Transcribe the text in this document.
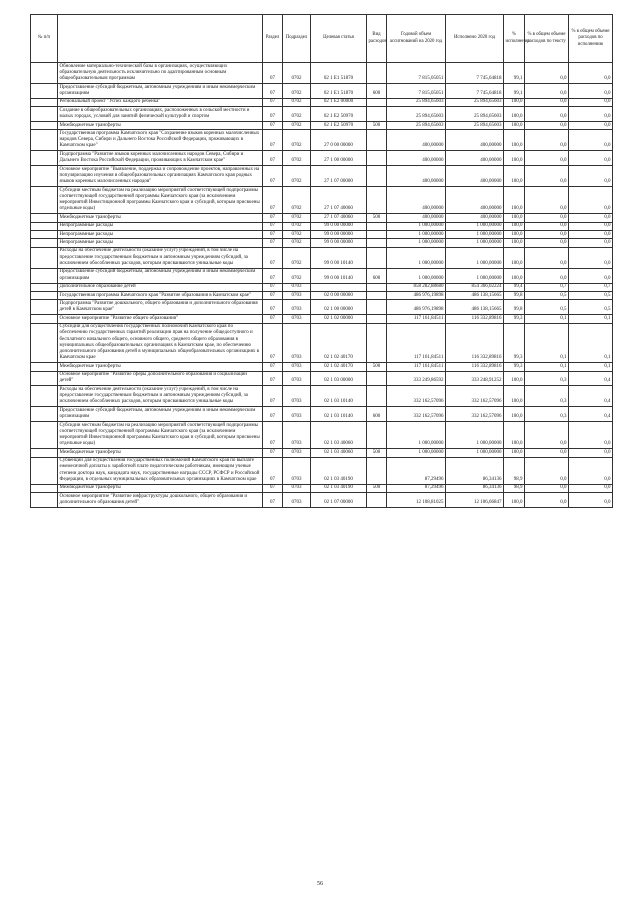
№ п/п		Раздел	Подраздел	Целевая статья	Вид расходов	Годовой объем ассигнований на 2020 год	Исполнено 2020 год	% исполнения	% в общем объеме расходов по тексту	% в общем объеме расходов по исполнению
	Обновление материально-технической базы в организациях, осуществляющих образовательную деятельность исключительно по адаптированным основным общеобразовательным программам	07	0702	02 1 Е1 51870		7 815,05051	7 745,64818	99,1	0,0	0,0
	Предоставление субсидий бюджетным, автономным учреждениям и иным некоммерческим организациям	07	0702	02 1 Е1 51870	600	7 815,05051	7 745,64818	99,1	0,0	0,0
	Региональный проект "Успех каждого ребенка"	07	0702	02 1 Е2 00000		25 894,65603	25 894,65603	100,0	0,0	0,0
	Создание в общеобразовательных организациях, расположенных в сельской местности и малых городах, условий для занятий физической культурой и спортом	07	0702	02 1 Е2 50970		25 894,65603	25 894,65603	100,0	0,0	0,0
	Межбюджетные трансферты	07	0702	02 1 Е2 50970	500	25 894,65603	25 894,65603	100,0	0,0	0,0
	Государственная программа Камчатского края "Сохранение языков коренных малочисленных народов Севера, Сибири и Дальнего Востока Российской Федерации, проживающих в Камчатском крае"	07	0702	27 0 00 00000		400,00000	400,00000	100,0	0,0	0,0
	Подпрограмма "Развитие языков коренных малочисленных народов Севера, Сибири и Дальнего Востока Российской Федерации, проживающих в Камчатском крае"	07	0702	27 1 00 00000		400,00000	400,00000	100,0	0,0	0,0
	Основное мероприятие "Выявление, поддержка и сопровождение проектов, направленных на популяризацию изучения в общеобразовательных организациях Камчатского края родных языков коренных малочисленных народов"	07	0702	27 1 07 00000		400,00000	400,00000	100,0	0,0	0,0
	Субсидии местным бюджетам на реализацию мероприятий соответствующей подпрограммы соответствующей государственной программы Камчатского края (за исключением мероприятий Инвестиционной программы Камчатского края и субсидий, которым присвоены отдельные коды)	07	0702	27 1 07 40060		400,00000	400,00000	100,0	0,0	0,0
	Межбюджетные трансферты	07	0702	27 1 07 40060	500	400,00000	400,00000	100,0	0,0	0,0
	Непрограммные расходы	07	0702	99 0 00 00000		1 000,00000	1 000,00000	100,0	0,0	0,0
	Непрограммные расходы	07	0702	99 0 00 00000		1 000,00000	1 000,00000	100,0	0,0	0,0
	Непрограммные расходы	07	0702	99 0 00 00000		1 000,00000	1 000,00000	100,0	0,0	0,0
	Расходы на обеспечение деятельности (оказание услуг) учреждений, в том числе на предоставление государственным бюджетным и автономным учреждениям субсидий, за исключением обособленных расходов, которым присваиваются уникальные коды	07	0702	99 0 00 10140		1 000,00000	1 000,00000	100,0	0,0	0,0
	Предоставление субсидий бюджетным, автономным учреждениям и иным некоммерческим организациям	07	0702	99 0 00 10140	600	1 000,00000	1 000,00000	100,0	0,0	0,0
	Дополнительное образование детей	07	0703			858 282,88680	854 366,02224	99,4	0,7	0,7
	Государственная программа Камчатского края "Развитие образования в Камчатском крае"	07	0703	02 0 00 00000		486 976,19898	486 138,15665	99,8	0,5	0,5
	Подпрограмма "Развитие дошкольного, общего образования и дополнительного образования детей в Камчатском крае"	07	0703	02 1 00 00000		486 976,19898	486 138,15665	99,8	0,5	0,5
	Основное мероприятие "Развитие общего образования"	07	0703	02 1 02 00000		117 161,84511	116 332,89816	99,3	0,1	0,1
	Субсидии для осуществления государственных полномочий Камчатского края по обеспечению государственных гарантий реализации прав на получение общедоступного и бесплатного начального общего, основного общего, среднего общего образования в муниципальных общеобразовательных организациях в Камчатском крае, по обеспечению дополнительного образования детей в муниципальных общеобразовательных организациях в Камчатском крае	07	0703	02 1 02 40170		117 161,84511	116 332,89816	99,3	0,1	0,1
	Межбюджетные трансферты	07	0703	02 1 02 40170	500	117 161,84511	116 332,89816	99,3	0,1	0,1
	Основное мероприятие "Развитие сферы дополнительного образования и социализации детей"	07	0703	02 1 03 00000		333 249,86592	333 248,91252	100,0	0,3	0,4
	Расходы на обеспечение деятельности (оказание услуг) учреждений, в том числе на предоставление государственным бюджетным и автономным учреждениям субсидий, за исключением обособленных расходов, которым присваиваются уникальные коды	07	0703	02 1 03 10140		332 162,57096	332 162,57096	100,0	0,3	0,4
	Предоставление субсидий бюджетным, автономным учреждениям и иным некоммерческим организациям	07	0703	02 1 03 10140	600	332 162,57096	332 162,57096	100,0	0,3	0,4
	Субсидии местным бюджетам на реализацию мероприятий соответствующей подпрограммы соответствующей государственной программы Камчатского края (за исключением мероприятий Инвестиционной программы Камчатского края и субсидий, которым присвоены отдельные коды)	07	0703	02 1 03 40060		1 000,00000	1 000,00000	100,0	0,0	0,0
	Межбюджетные трансферты	07	0703	02 1 03 40060	500	1 000,00000	1 000,00000	100,0	0,0	0,0
	Субвенции для осуществления государственных полномочий Камчатского края по выплате ежемесячной доплаты к заработной плате педагогическим работникам, имеющим ученые степени доктора наук, кандидата наук, государственные награды СССР, РСФСР и Российской Федерации, в отдельных муниципальных образовательных организациях в Камчатском крае	07	0703	02 1 03 40190		87,29496	86,34136	98,9	0,0	0,0
	Межбюджетные трансферты	07	0703	02 1 03 40190	500	87,29496	86,34136	98,9	0,0	0,0
	Основное мероприятие "Развитие инфраструктуры дошкольного, общего образования и дополнительного образования детей"	07	0703	02 1 07 00000		12 108,81025	12 106,66847	100,0	0,0	0,0
56
